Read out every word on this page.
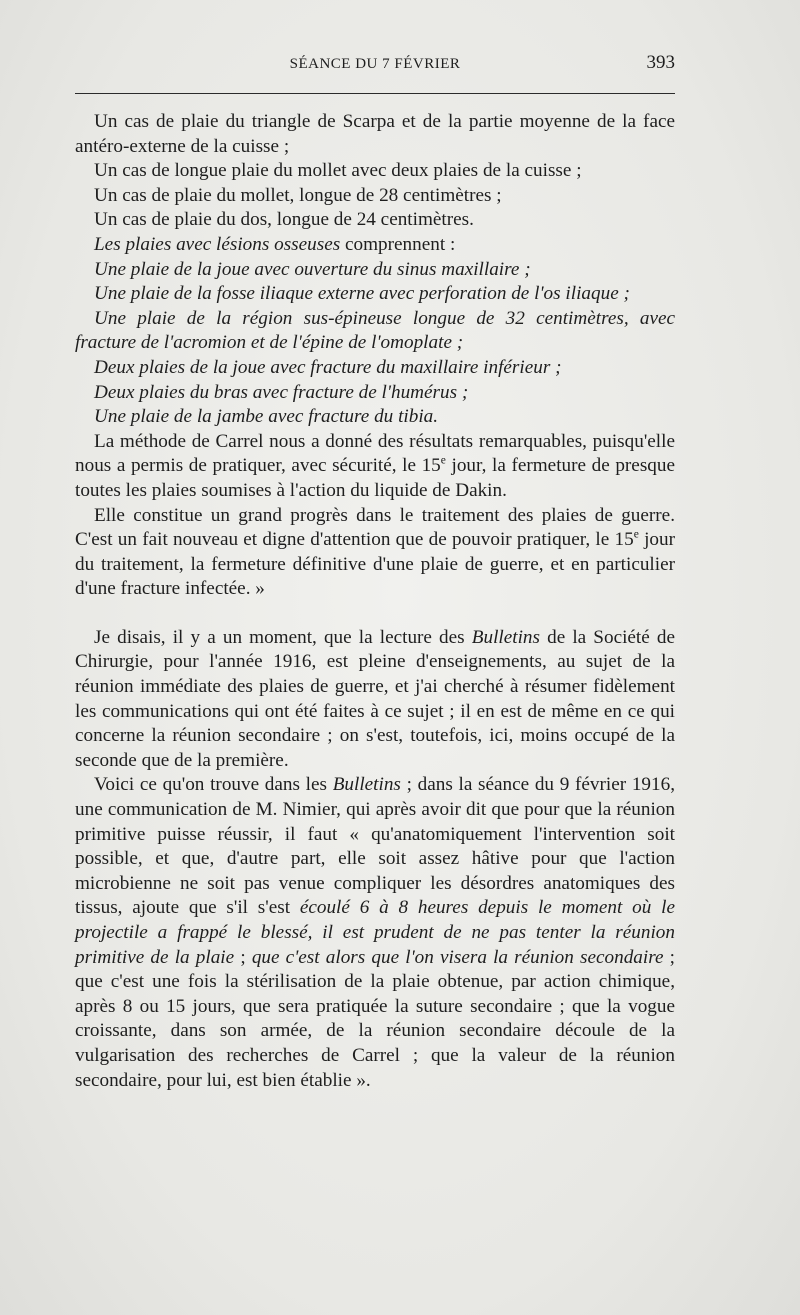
SÉANCE DU 7 FÉVRIER	393

Un cas de plaie du triangle de Scarpa et de la partie moyenne de la face antéro-externe de la cuisse ;

Un cas de longue plaie du mollet avec deux plaies de la cuisse ;

Un cas de plaie du mollet, longue de 28 centimètres ;

Un cas de plaie du dos, longue de 24 centimètres.

Les plaies avec lésions osseuses comprennent :

Une plaie de la joue avec ouverture du sinus maxillaire ;

Une plaie de la fosse iliaque externe avec perforation de l'os iliaque ;

Une plaie de la région sus-épineuse longue de 32 centimètres, avec fracture de l'acromion et de l'épine de l'omoplate ;

Deux plaies de la joue avec fracture du maxillaire inférieur ;

Deux plaies du bras avec fracture de l'humérus ;

Une plaie de la jambe avec fracture du tibia.

La méthode de Carrel nous a donné des résultats remarquables, puisqu'elle nous a permis de pratiquer, avec sécurité, le 15e jour, la fermeture de presque toutes les plaies soumises à l'action du liquide de Dakin.

Elle constitue un grand progrès dans le traitement des plaies de guerre. C'est un fait nouveau et digne d'attention que de pouvoir pratiquer, le 15e jour du traitement, la fermeture définitive d'une plaie de guerre, et en particulier d'une fracture infectée. »

Je disais, il y a un moment, que la lecture des Bulletins de la Société de Chirurgie, pour l'année 1916, est pleine d'enseignements, au sujet de la réunion immédiate des plaies de guerre, et j'ai cherché à résumer fidèlement les communications qui ont été faites à ce sujet ; il en est de même en ce qui concerne la réunion secondaire ; on s'est, toutefois, ici, moins occupé de la seconde que de la première.

Voici ce qu'on trouve dans les Bulletins ; dans la séance du 9 février 1916, une communication de M. Nimier, qui après avoir dit que pour que la réunion primitive puisse réussir, il faut « qu'anatomiquement l'intervention soit possible, et que, d'autre part, elle soit assez hâtive pour que l'action microbienne ne soit pas venue compliquer les désordres anatomiques des tissus, ajoute que s'il s'est écoulé 6 à 8 heures depuis le moment où le projectile a frappé le blessé, il est prudent de ne pas tenter la réunion primitive de la plaie ; que c'est alors que l'on visera la réunion secondaire ; que c'est une fois la stérilisation de la plaie obtenue, par action chimique, après 8 ou 15 jours, que sera pratiquée la suture secondaire ; que la vogue croissante, dans son armée, de la réunion secondaire découle de la vulgarisation des recherches de Carrel ; que la valeur de la réunion secondaire, pour lui, est bien établie ».
